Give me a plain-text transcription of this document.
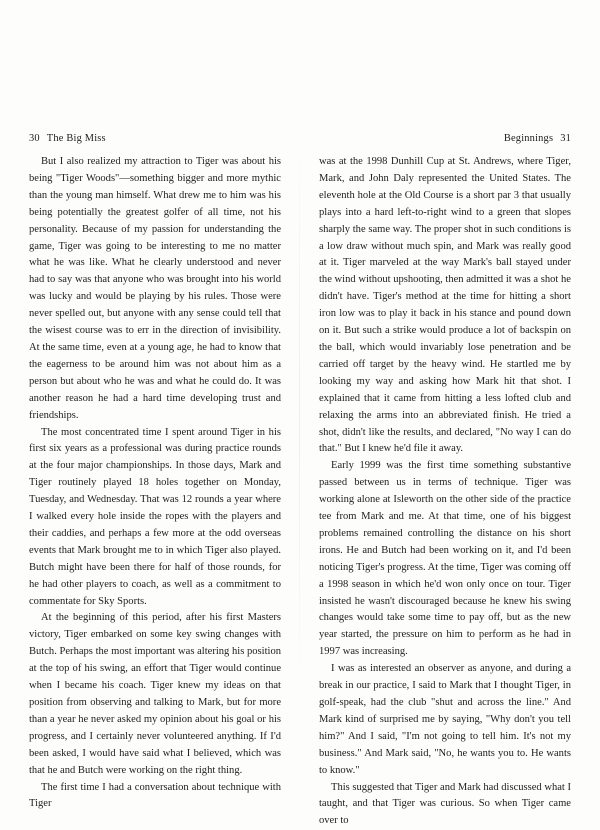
30 The Big Miss

But I also realized my attraction to Tiger was about his being "Tiger Woods"—something bigger and more mythic than the young man himself. What drew me to him was his being potentially the greatest golfer of all time, not his personality. Because of my passion for understanding the game, Tiger was going to be interesting to me no matter what he was like. What he clearly understood and never had to say was that anyone who was brought into his world was lucky and would be playing by his rules. Those were never spelled out, but anyone with any sense could tell that the wisest course was to err in the direction of invisibility. At the same time, even at a young age, he had to know that the eagerness to be around him was not about him as a person but about who he was and what he could do. It was another reason he had a hard time developing trust and friendships.

The most concentrated time I spent around Tiger in his first six years as a professional was during practice rounds at the four major championships. In those days, Mark and Tiger routinely played 18 holes together on Monday, Tuesday, and Wednesday. That was 12 rounds a year where I walked every hole inside the ropes with the players and their caddies, and perhaps a few more at the odd overseas events that Mark brought me to in which Tiger also played. Butch might have been there for half of those rounds, for he had other players to coach, as well as a commitment to commentate for Sky Sports.

At the beginning of this period, after his first Masters victory, Tiger embarked on some key swing changes with Butch. Perhaps the most important was altering his position at the top of his swing, an effort that Tiger would continue when I became his coach. Tiger knew my ideas on that position from observing and talking to Mark, but for more than a year he never asked my opinion about his goal or his progress, and I certainly never volunteered anything. If I'd been asked, I would have said what I believed, which was that he and Butch were working on the right thing.

The first time I had a conversation about technique with Tiger

Beginnings 31

was at the 1998 Dunhill Cup at St. Andrews, where Tiger, Mark, and John Daly represented the United States. The eleventh hole at the Old Course is a short par 3 that usually plays into a hard left-to-right wind to a green that slopes sharply the same way. The proper shot in such conditions is a low draw without much spin, and Mark was really good at it. Tiger marveled at the way Mark's ball stayed under the wind without upshooting, then admitted it was a shot he didn't have. Tiger's method at the time for hitting a short iron low was to play it back in his stance and pound down on it. But such a strike would produce a lot of backspin on the ball, which would invariably lose penetration and be carried off target by the heavy wind. He startled me by looking my way and asking how Mark hit that shot. I explained that it came from hitting a less lofted club and relaxing the arms into an abbreviated finish. He tried a shot, didn't like the results, and declared, "No way I can do that." But I knew he'd file it away.

Early 1999 was the first time something substantive passed between us in terms of technique. Tiger was working alone at Isleworth on the other side of the practice tee from Mark and me. At that time, one of his biggest problems remained controlling the distance on his short irons. He and Butch had been working on it, and I'd been noticing Tiger's progress. At the time, Tiger was coming off a 1998 season in which he'd won only once on tour. Tiger insisted he wasn't discouraged because he knew his swing changes would take some time to pay off, but as the new year started, the pressure on him to perform as he had in 1997 was increasing.

I was as interested an observer as anyone, and during a break in our practice, I said to Mark that I thought Tiger, in golf-speak, had the club "shut and across the line." And Mark kind of surprised me by saying, "Why don't you tell him?" And I said, "I'm not going to tell him. It's not my business." And Mark said, "No, he wants you to. He wants to know."

This suggested that Tiger and Mark had discussed what I taught, and that Tiger was curious. So when Tiger came over to
